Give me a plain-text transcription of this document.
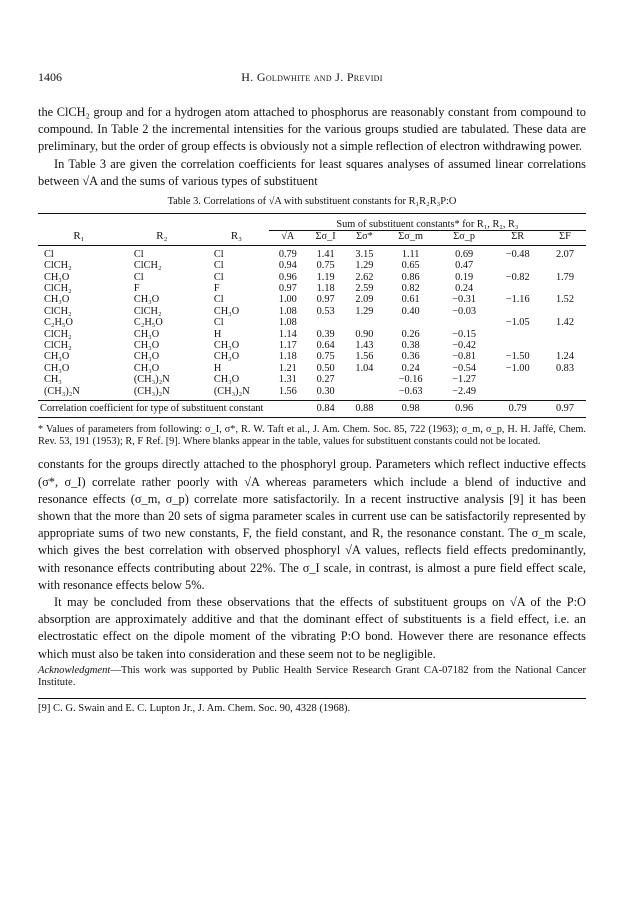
1406	H. Goldwhite and J. Previdi

the ClCH₂ group and for a hydrogen atom attached to phosphorus are reasonably constant from compound to compound. In Table 2 the incremental intensities for the various groups studied are tabulated. These data are preliminary, but the order of group effects is obviously not a simple reflection of electron withdrawing power.

In Table 3 are given the correlation coefficients for least squares analyses of assumed linear correlations between √A and the sums of various types of substituent

Table 3. Correlations of √A with substituent constants for R₁R₂R₃P:O

			Sum of substituent constants* for R₁, R₂, R₃						
R₁	R₂	R₃	√A	Σσ_I	Σσ*	Σσ_m	Σσ_p	ΣR	ΣF
Cl	Cl	Cl	0.79	1.41	3.15	1.11	0.69	−0.48	2.07
ClCH₂	ClCH₂	Cl	0.94	0.75	1.29	0.65	0.47		
CH₃O	Cl	Cl	0.96	1.19	2.62	0.86	0.19	−0.82	1.79
ClCH₂	F	F	0.97	1.18	2.59	0.82	0.24		
CH₃O	CH₃O	Cl	1.00	0.97	2.09	0.61	−0.31	−1.16	1.52
ClCH₂	ClCH₂	CH₃O	1.08	0.53	1.29	0.40	−0.03		
C₂H₅O	C₂H₅O	Cl	1.08					−1.05	1.42
ClCH₂	CH₃O	H	1.14	0.39	0.90	0.26	−0.15		
ClCH₂	CH₃O	CH₃O	1.17	0.64	1.43	0.38	−0.42		
CH₃O	CH₃O	CH₃O	1.18	0.75	1.56	0.36	−0.81	−1.50	1.24
CH₃O	CH₃O	H	1.21	0.50	1.04	0.24	−0.54	−1.00	0.83
CH₃	(CH₃)₂N	CH₃O	1.31	0.27		−0.16	−1.27		
(CH₃)₂N	(CH₃)₂N	(CH₃)₂N	1.56	0.30		−0.63	−2.49		
Correlation coefficient for type of substituent constant				0.84	0.88	0.98	0.96	0.79	0.97

* Values of parameters from following: σ_I, σ*, R. W. Taft et al., J. Am. Chem. Soc. 85, 722 (1963); σ_m, σ_p, H. H. Jaffé, Chem. Rev. 53, 191 (1953); R, F Ref. [9]. Where blanks appear in the table, values for substituent constants could not be located.

constants for the groups directly attached to the phosphoryl group. Parameters which reflect inductive effects (σ*, σ_I) correlate rather poorly with √A whereas parameters which include a blend of inductive and resonance effects (σ_m, σ_p) correlate more satisfactorily. In a recent instructive analysis [9] it has been shown that the more than 20 sets of sigma parameter scales in current use can be satisfactorily represented by appropriate sums of two new constants, F, the field constant, and R, the resonance constant. The σ_m scale, which gives the best correlation with observed phosphoryl √A values, reflects field effects predominantly, with resonance effects contributing about 22%. The σ_I scale, in contrast, is almost a pure field effect scale, with resonance effects below 5%.

It may be concluded from these observations that the effects of substituent groups on √A of the P:O absorption are approximately additive and that the dominant effect of substituents is a field effect, i.e. an electrostatic effect on the dipole moment of the vibrating P:O bond. However there are resonance effects which must also be taken into consideration and these seem not to be negligible.

Acknowledgment—This work was supported by Public Health Service Research Grant CA-07182 from the National Cancer Institute.

[9] C. G. Swain and E. C. Lupton Jr., J. Am. Chem. Soc. 90, 4328 (1968).
